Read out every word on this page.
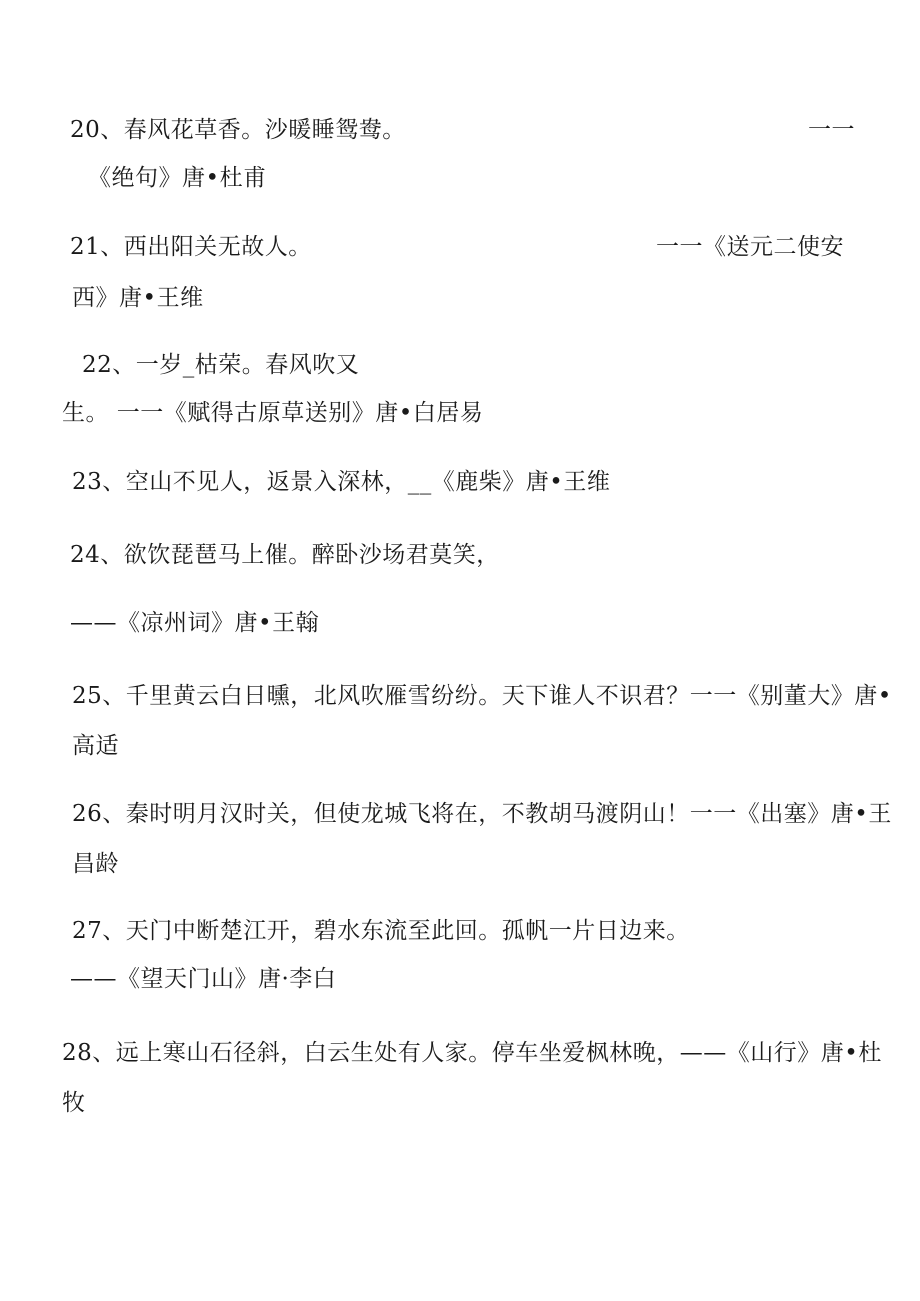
20、春风花草香。沙暖睡鸳鸯。	一一
《绝句》唐•杜甫
21、西出阳关无故人。	一一《送元二使安
西》唐•王维
22、一岁_枯荣。春风吹又
生。 一一《赋得古原草送别》唐•白居易
23、空山不见人，返景入深林，__《鹿柴》唐•王维
24、欲饮琵琶马上催。醉卧沙场君莫笑，
——《凉州词》唐•王翰
25、千里黄云白日曛，北风吹雁雪纷纷。天下谁人不识君？一一《别董大》唐•
高适
26、秦时明月汉时关，但使龙城飞将在，不教胡马渡阴山！一一《出塞》唐•王
昌龄
27、天门中断楚江开，碧水东流至此回。孤帆一片日边来。
——《望天门山》唐·李白
28、远上寒山石径斜，白云生处有人家。停车坐爱枫林晚，——《山行》唐•杜
牧
